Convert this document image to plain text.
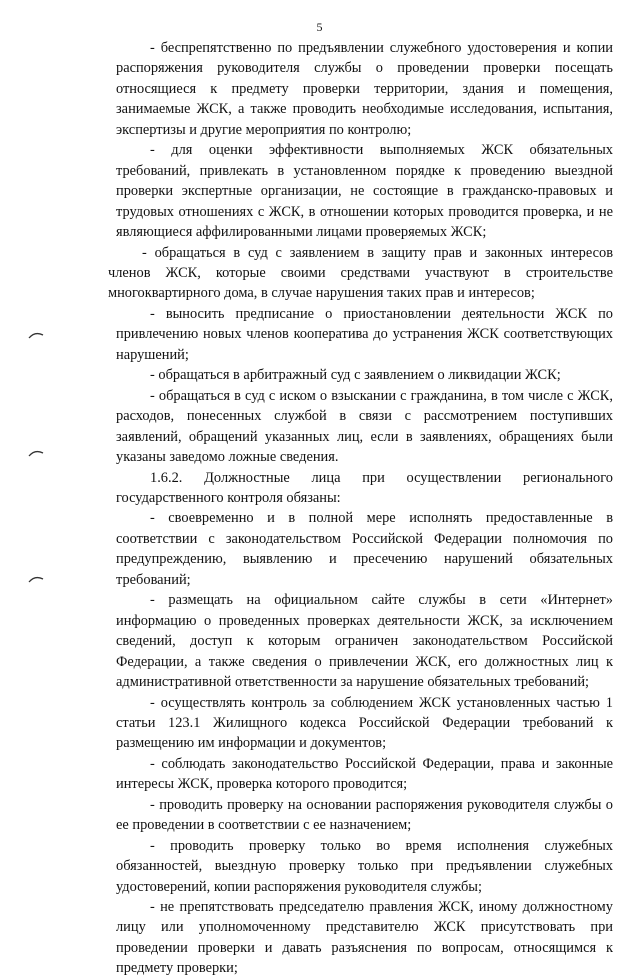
5

- беспрепятственно по предъявлении служебного удостоверения и копии распоряжения руководителя службы о проведении проверки посещать относящиеся к предмету проверки территории, здания и помещения, занимаемые ЖСК, а также проводить необходимые исследования, испытания, экспертизы и другие мероприятия по контролю;

- для оценки эффективности выполняемых ЖСК обязательных требований, привлекать в установленном порядке к проведению выездной проверки экспертные организации, не состоящие в гражданско-правовых и трудовых отношениях с ЖСК, в отношении которых проводится проверка, и не являющиеся аффилированными лицами проверяемых ЖСК;

- обращаться в суд с заявлением в защиту прав и законных интересов членов ЖСК, которые своими средствами участвуют в строительстве многоквартирного дома, в случае нарушения таких прав и интересов;

- выносить предписание о приостановлении деятельности ЖСК по привлечению новых членов кооператива до устранения ЖСК соответствующих нарушений;

- обращаться в арбитражный суд с заявлением о ликвидации ЖСК;

- обращаться в суд с иском о взыскании с гражданина, в том числе с ЖСК, расходов, понесенных службой в связи с рассмотрением поступивших заявлений, обращений указанных лиц, если в заявлениях, обращениях были указаны заведомо ложные сведения.

1.6.2. Должностные лица при осуществлении регионального государственного контроля обязаны:

- своевременно и в полной мере исполнять предоставленные в соответствии с законодательством Российской Федерации полномочия по предупреждению, выявлению и пресечению нарушений обязательных требований;

- размещать на официальном сайте службы в сети «Интернет» информацию о проведенных проверках деятельности ЖСК, за исключением сведений, доступ к которым ограничен законодательством Российской Федерации, а также сведения о привлечении ЖСК, его должностных лиц к административной ответственности за нарушение обязательных требований;

- осуществлять контроль за соблюдением ЖСК установленных частью 1 статьи 123.1 Жилищного кодекса Российской Федерации требований к размещению им информации и документов;

- соблюдать законодательство Российской Федерации, права и законные интересы ЖСК, проверка которого проводится;

- проводить проверку на основании распоряжения руководителя службы о ее проведении в соответствии с ее назначением;

- проводить проверку только во время исполнения служебных обязанностей, выездную проверку только при предъявлении служебных удостоверений, копии распоряжения руководителя службы;

- не препятствовать председателю правления ЖСК, иному должностному лицу или уполномоченному представителю ЖСК присутствовать при проведении проверки и давать разъяснения по вопросам, относящимся к предмету проверки;
